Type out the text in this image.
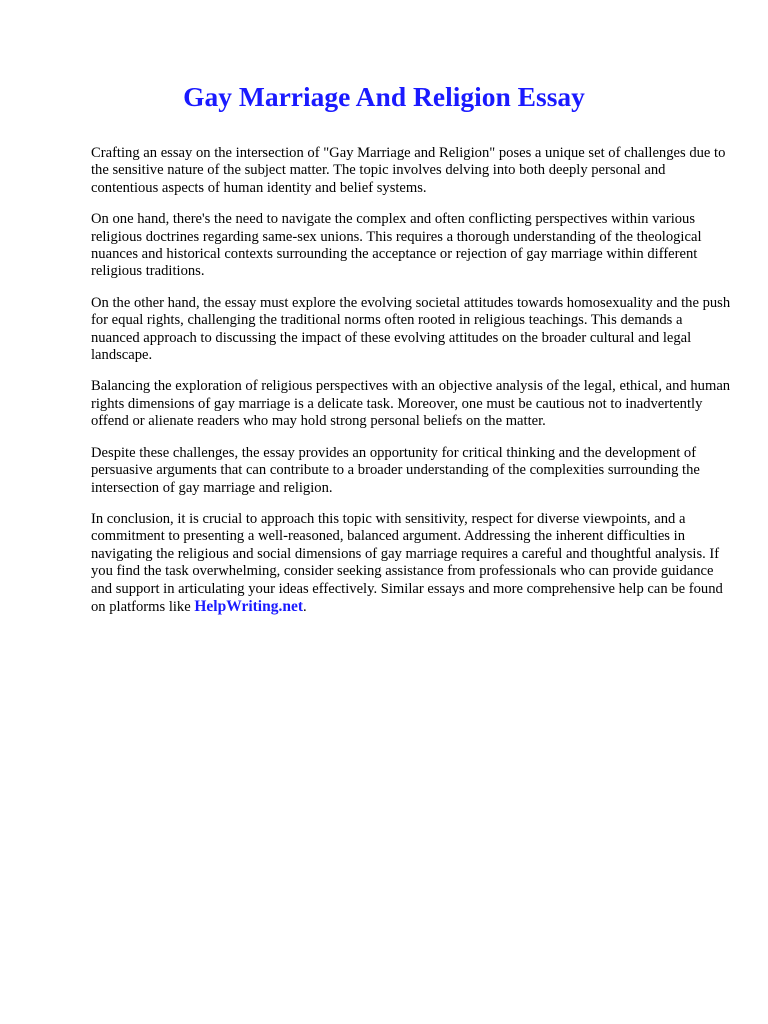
Gay Marriage And Religion Essay

Crafting an essay on the intersection of "Gay Marriage and Religion" poses a unique set of challenges due to the sensitive nature of the subject matter. The topic involves delving into both deeply personal and contentious aspects of human identity and belief systems.

On one hand, there's the need to navigate the complex and often conflicting perspectives within various religious doctrines regarding same-sex unions. This requires a thorough understanding of the theological nuances and historical contexts surrounding the acceptance or rejection of gay marriage within different religious traditions.

On the other hand, the essay must explore the evolving societal attitudes towards homosexuality and the push for equal rights, challenging the traditional norms often rooted in religious teachings. This demands a nuanced approach to discussing the impact of these evolving attitudes on the broader cultural and legal landscape.

Balancing the exploration of religious perspectives with an objective analysis of the legal, ethical, and human rights dimensions of gay marriage is a delicate task. Moreover, one must be cautious not to inadvertently offend or alienate readers who may hold strong personal beliefs on the matter.

Despite these challenges, the essay provides an opportunity for critical thinking and the development of persuasive arguments that can contribute to a broader understanding of the complexities surrounding the intersection of gay marriage and religion.

In conclusion, it is crucial to approach this topic with sensitivity, respect for diverse viewpoints, and a commitment to presenting a well-reasoned, balanced argument. Addressing the inherent difficulties in navigating the religious and social dimensions of gay marriage requires a careful and thoughtful analysis. If you find the task overwhelming, consider seeking assistance from professionals who can provide guidance and support in articulating your ideas effectively. Similar essays and more comprehensive help can be found on platforms like HelpWriting.net.
